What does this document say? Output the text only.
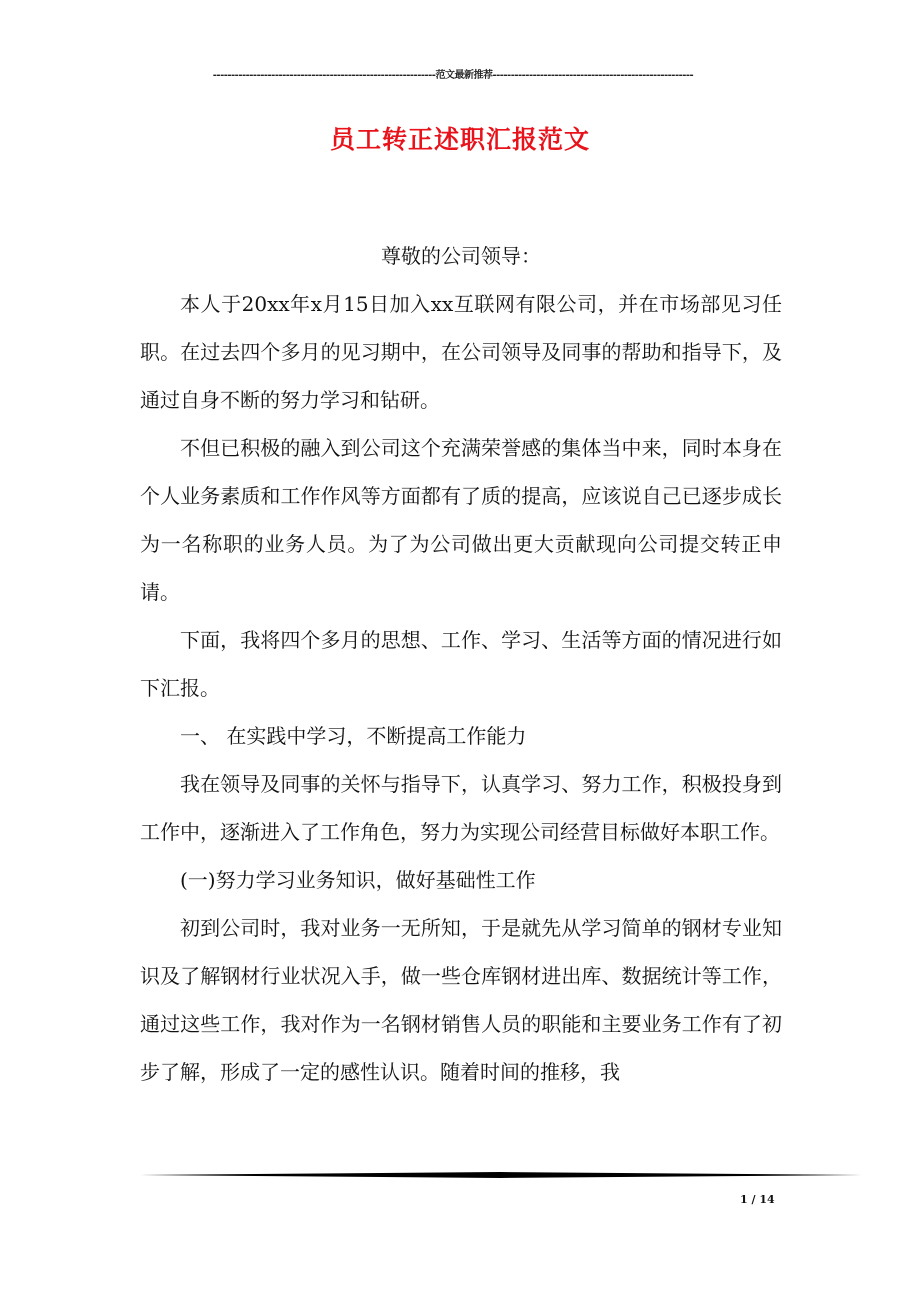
-------------------------------------------------------------范文最新推荐-------------------------------------------------------
员工转正述职汇报范文

尊敬的公司领导：

本人于20xx年x月15日加入xx互联网有限公司，并在市场部见习任职。在过去四个多月的见习期中，在公司领导及同事的帮助和指导下，及通过自身不断的努力学习和钻研。

不但已积极的融入到公司这个充满荣誉感的集体当中来，同时本身在个人业务素质和工作作风等方面都有了质的提高，应该说自己已逐步成长为一名称职的业务人员。为了为公司做出更大贡献现向公司提交转正申请。

下面，我将四个多月的思想、工作、学习、生活等方面的情况进行如下汇报。

一、 在实践中学习，不断提高工作能力

我在领导及同事的关怀与指导下，认真学习、努力工作，积极投身到工作中，逐渐进入了工作角色，努力为实现公司经营目标做好本职工作。

(一)努力学习业务知识，做好基础性工作

初到公司时，我对业务一无所知，于是就先从学习简单的钢材专业知识及了解钢材行业状况入手，做一些仓库钢材进出库、数据统计等工作，通过这些工作，我对作为一名钢材销售人员的职能和主要业务工作有了初步了解，形成了一定的感性认识。随着时间的推移，我

1 / 14
